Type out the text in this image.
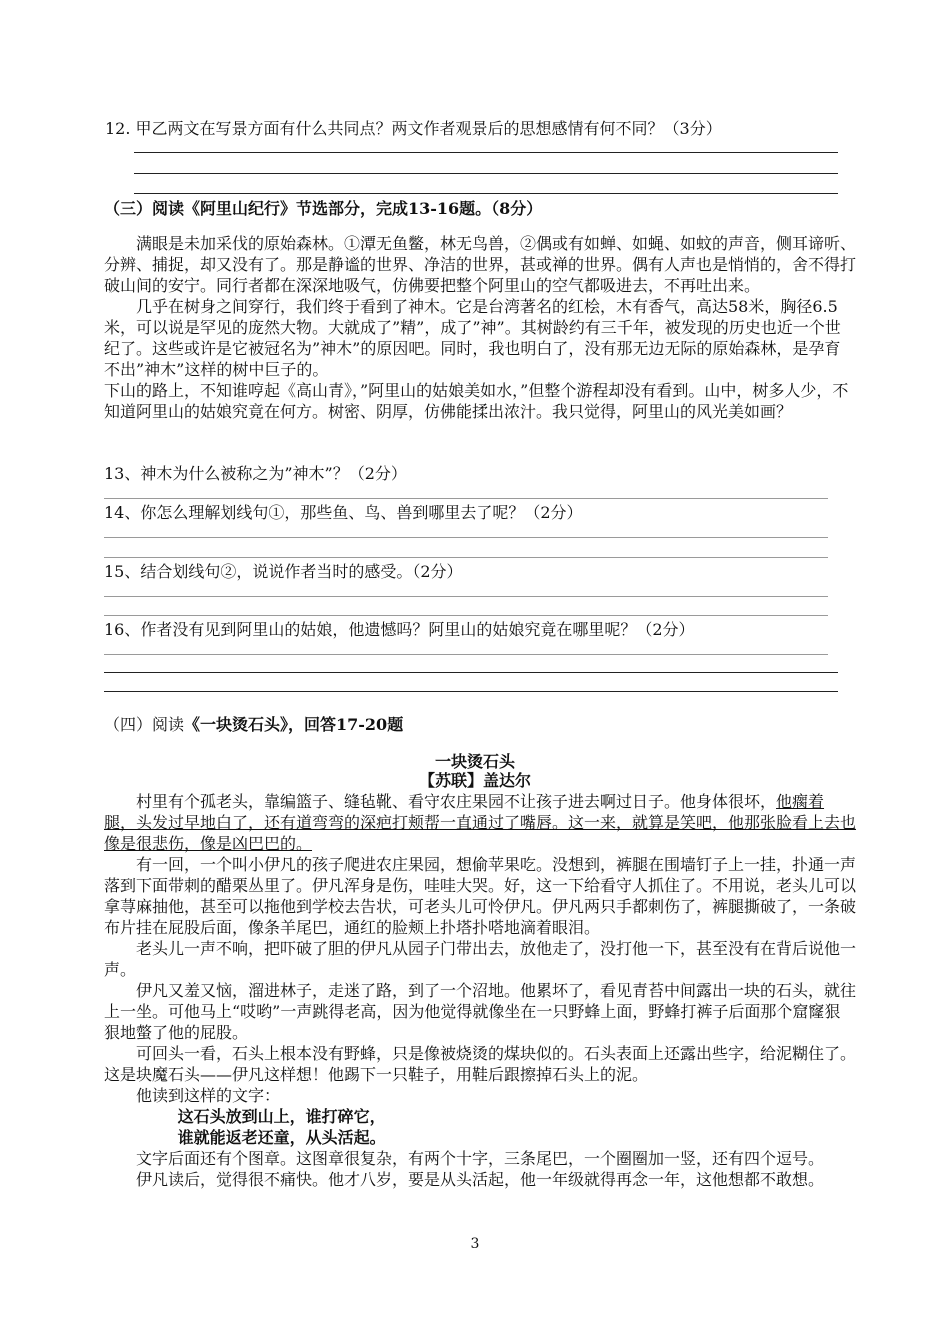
12. 甲乙两文在写景方面有什么共同点？两文作者观景后的思想感情有何不同？（3分）
（三）阅读《阿里山纪行》节选部分，完成13-16题。（8分）

满眼是未加采伐的原始森林。①潭无鱼鳖，林无鸟兽，②偶或有如蝉、如蝇、如蚊的声音，侧耳谛听、分辨、捕捉，却又没有了。那是静谧的世界、净洁的世界，甚或禅的世界。偶有人声也是悄悄的，舍不得打破山间的安宁。同行者都在深深地吸气，仿佛要把整个阿里山的空气都吸进去，不再吐出来。

几乎在树身之间穿行，我们终于看到了神木。它是台湾著名的红桧，木有香气，高达58米，胸径6.5米，可以说是罕见的庞然大物。大就成了”精”，成了”神”。其树龄约有三千年，被发现的历史也近一个世纪了。这些或许是它被冠名为”神木”的原因吧。同时，我也明白了，没有那无边无际的原始森林，是孕育不出”神木”这样的树中巨子的。

下山的路上，不知谁哼起《高山青》，”阿里山的姑娘美如水，”但整个游程却没有看到。山中，树多人少，不知道阿里山的姑娘究竟在何方。树密、阴厚，仿佛能揉出浓汁。我只觉得，阿里山的风光美如画？

13、神木为什么被称之为”神木”？（2分）
14、你怎么理解划线句①，那些鱼、鸟、兽到哪里去了呢？（2分）
15、结合划线句②，说说作者当时的感受。（2分）
16、作者没有见到阿里山的姑娘，他遗憾吗？阿里山的姑娘究竟在哪里呢？（2分）
（四）阅读《一块烫石头》，回答17-20题
一块烫石头
【苏联】盖达尔

村里有个孤老头，靠编篮子、缝毡靴、看守农庄果园不让孩子进去啊过日子。他身体很坏，他瘸着腿，头发过早地白了，还有道弯弯的深疤打颊帮一直通过了嘴唇。这一来，就算是笑吧，他那张脸看上去也像是很悲伤，像是凶巴巴的。

有一回，一个叫小伊凡的孩子爬进农庄果园，想偷苹果吃。没想到，裤腿在围墙钉子上一挂，扑通一声落到下面带刺的醋栗丛里了。伊凡浑身是伤，哇哇大哭。好，这一下给看守人抓住了。不用说，老头儿可以拿荨麻抽他，甚至可以拖他到学校去告状，可老头儿可怜伊凡。伊凡两只手都刺伤了，裤腿撕破了，一条破布片挂在屁股后面，像条羊尾巴，通红的脸颊上扑塔扑嗒地滴着眼泪。

老头儿一声不响，把吓破了胆的伊凡从园子门带出去，放他走了，没打他一下，甚至没有在背后说他一声。

伊凡又羞又恼，溜进林子，走迷了路，到了一个沼地。他累坏了，看见青苔中间露出一块的石头，就往上一坐。可他马上“哎哟”一声跳得老高，因为他觉得就像坐在一只野蜂上面，野蜂打裤子后面那个窟窿狠狠地螫了他的屁股。

可回头一看，石头上根本没有野蜂，只是像被烧烫的煤块似的。石头表面上还露出些字，给泥糊住了。这是块魔石头——伊凡这样想！他踢下一只鞋子，用鞋后跟擦掉石头上的泥。

他读到这样的文字：

这石头放到山上，谁打碎它，

谁就能返老还童，从头活起。

文字后面还有个图章。这图章很复杂，有两个十字，三条尾巴，一个圈圈加一竖，还有四个逗号。

伊凡读后，觉得很不痛快。他才八岁，要是从头活起，他一年级就得再念一年，这他想都不敢想。

3
